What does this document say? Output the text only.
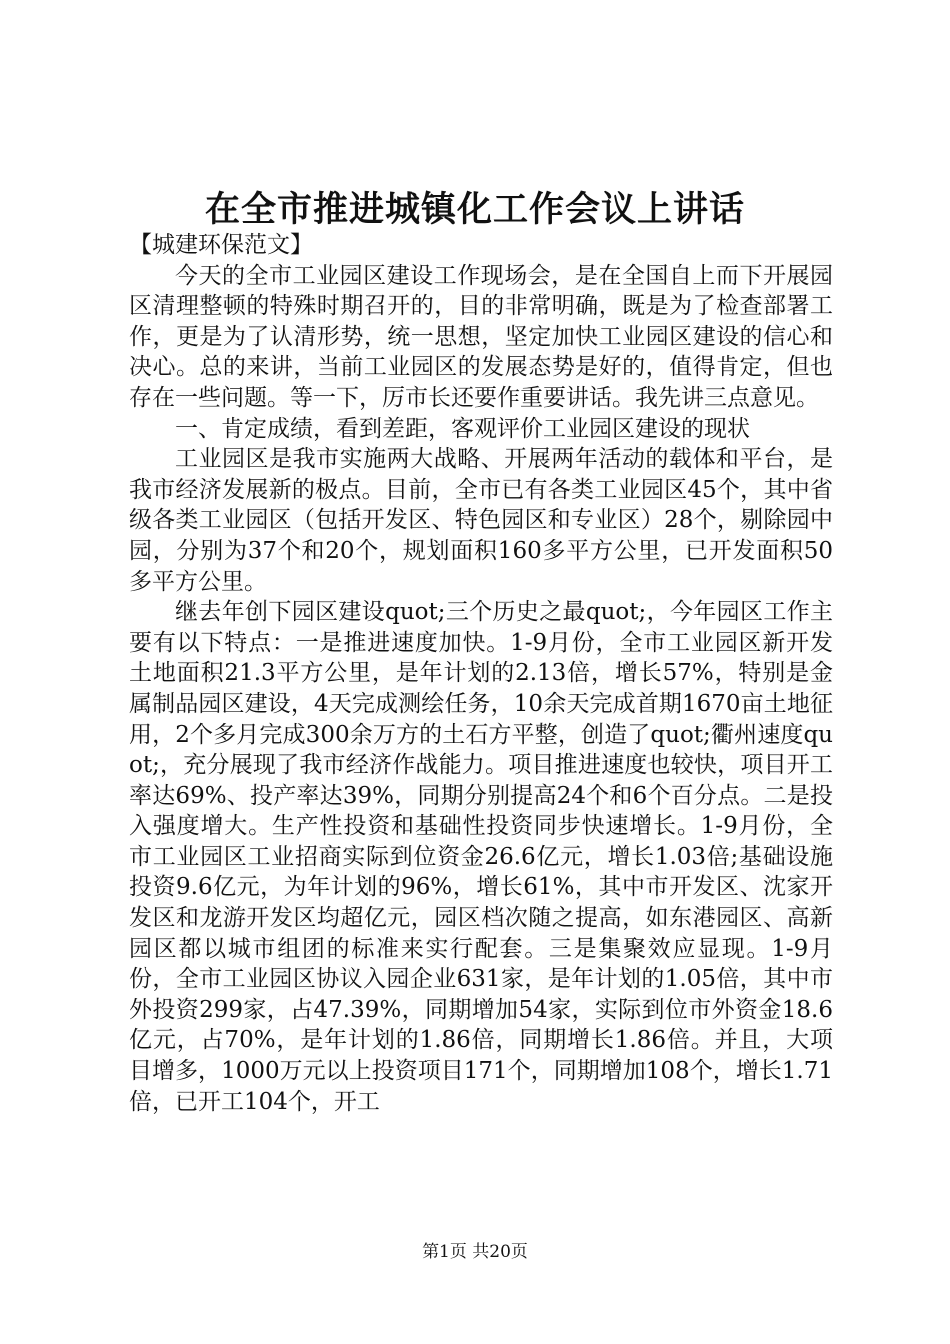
在全市推进城镇化工作会议上讲话

【城建环保范文】

今天的全市工业园区建设工作现场会，是在全国自上而下开展园区清理整顿的特殊时期召开的，目的非常明确，既是为了检查部署工作，更是为了认清形势，统一思想，坚定加快工业园区建设的信心和决心。总的来讲，当前工业园区的发展态势是好的，值得肯定，但也存在一些问题。等一下，厉市长还要作重要讲话。我先讲三点意见。

一、肯定成绩，看到差距，客观评价工业园区建设的现状

工业园区是我市实施两大战略、开展两年活动的载体和平台，是我市经济发展新的极点。目前，全市已有各类工业园区45个，其中省级各类工业园区（包括开发区、特色园区和专业区）28个，剔除园中园，分别为37个和20个，规划面积160多平方公里，已开发面积50多平方公里。

继去年创下园区建设quot;三个历史之最quot;，今年园区工作主要有以下特点：一是推进速度加快。1-9月份，全市工业园区新开发土地面积21.3平方公里，是年计划的2.13倍，增长57%，特别是金属制品园区建设，4天完成测绘任务，10余天完成首期1670亩土地征用，2个多月完成300余万方的土石方平整，创造了quot;衢州速度quot;，充分展现了我市经济作战能力。项目推进速度也较快，项目开工率达69%、投产率达39%，同期分别提高24个和6个百分点。二是投入强度增大。生产性投资和基础性投资同步快速增长。1-9月份，全市工业园区工业招商实际到位资金26.6亿元，增长1.03倍;基础设施投资9.6亿元，为年计划的96%，增长61%，其中市开发区、沈家开发区和龙游开发区均超亿元，园区档次随之提高，如东港园区、高新园区都以城市组团的标准来实行配套。三是集聚效应显现。1-9月份，全市工业园区协议入园企业631家，是年计划的1.05倍，其中市外投资299家，占47.39%，同期增加54家，实际到位市外资金18.6亿元，占70%，是年计划的1.86倍，同期增长1.86倍。并且，大项目增多，1000万元以上投资项目171个，同期增加108个，增长1.71倍，已开工104个，开工

第1页 共20页
